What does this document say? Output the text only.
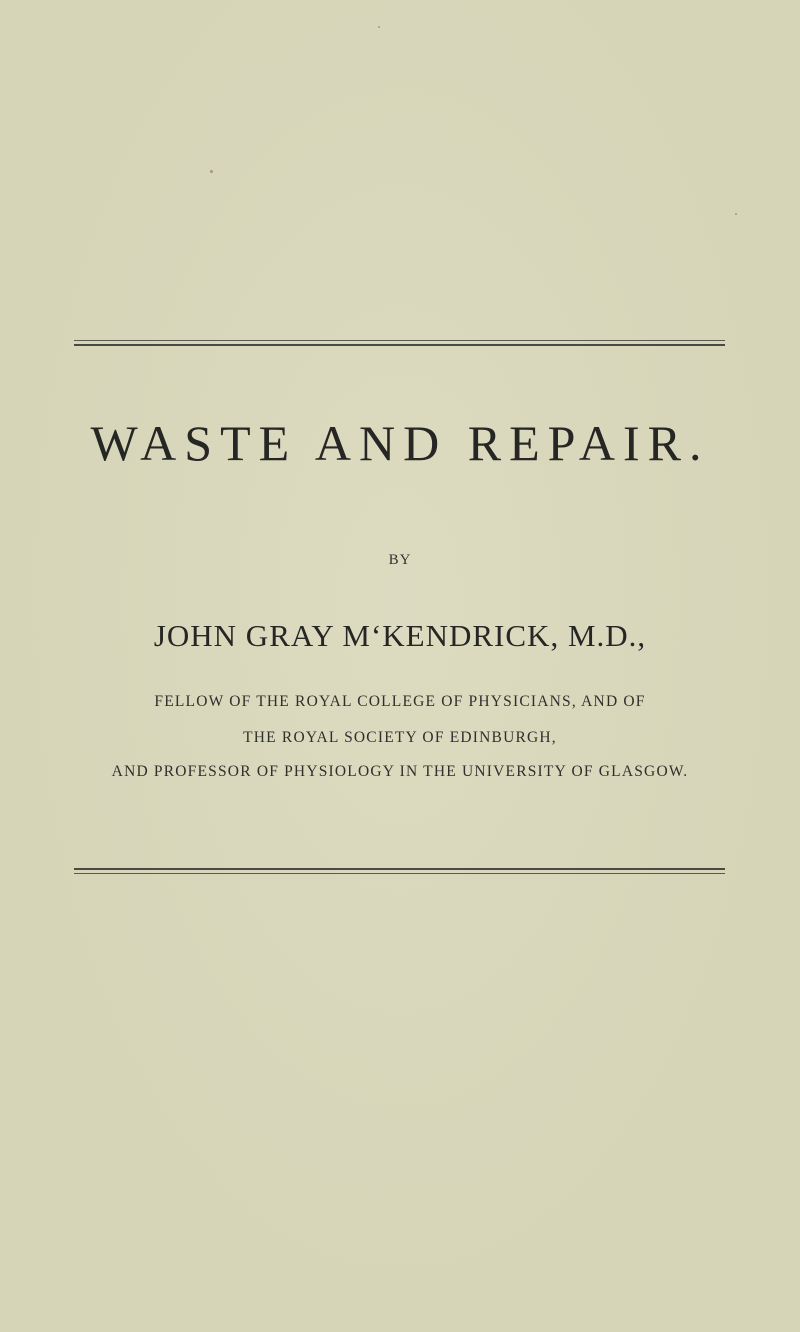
WASTE AND REPAIR.
BY
JOHN GRAY M‘KENDRICK, M.D.,
FELLOW OF THE ROYAL COLLEGE OF PHYSICIANS, AND OF
THE ROYAL SOCIETY OF EDINBURGH,
AND PROFESSOR OF PHYSIOLOGY IN THE UNIVERSITY OF GLASGOW.
